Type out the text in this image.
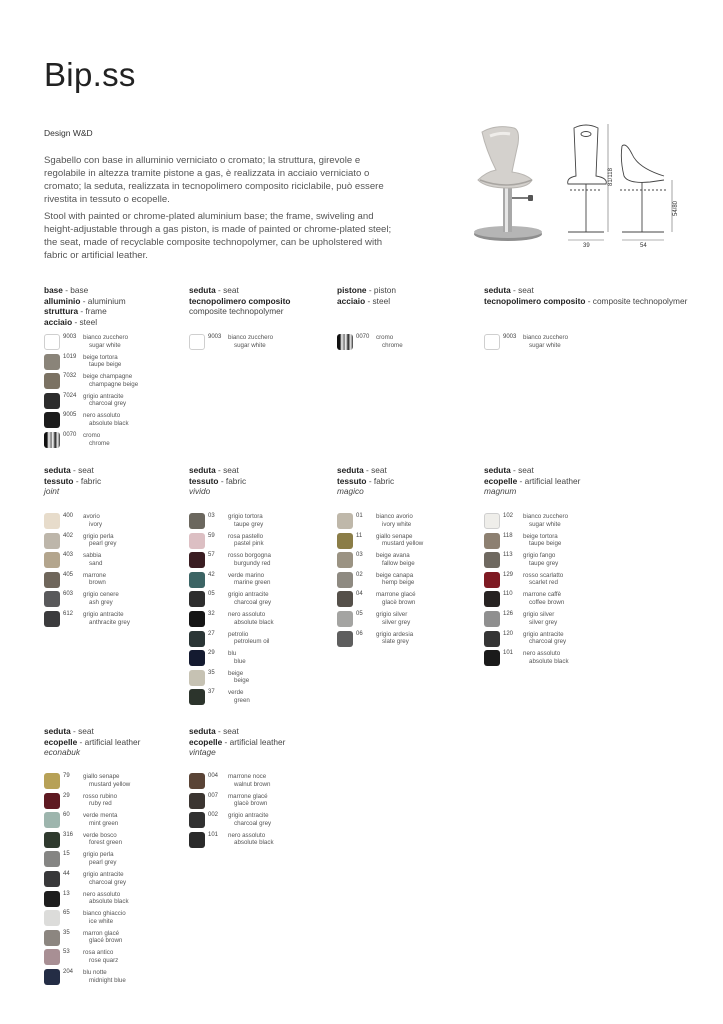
Bip.ss
Design W&D

Sgabello con base in alluminio verniciato o cromato; la struttura, girevole e regolabile in altezza tramite pistone a gas, è realizzata in acciaio verniciato o cromato; la seduta, realizzata in tecnopolimero composito riciclabile, può essere rivestita in tessuto o ecopelle.

Stool with painted or chrome-plated aluminium base; the frame, swiveling and height-adjustable through a gas piston, is made of painted or chrome-plated steel; the seat, made of recyclable composite technopolymer, can be upholstered with fabric or artificial leather.

81/118
54/80
39	54
base - base
alluminio - aluminium
struttura - frame
acciaio - steel
seduta - seat
tecnopolimero composito
composite technopolymer
pistone - piston
acciaio - steel
seduta - seat
tecnopolimero composito - composite technopolymer
seduta - seat
tessuto - fabric
joint
seduta - seat
tessuto - fabric
vivido
seduta - seat
tessuto - fabric
magico
seduta - seat
ecopelle - artificial leather
magnum
seduta - seat
ecopelle - artificial leather
econabuk
seduta - seat
ecopelle - artificial leather
vintage
9003 bianco zucchero
sugar white
1019 beige tortora
taupe beige
7032 beige champagne
champagne beige
7024 grigio antracite
charcoal grey
9005 nero assoluto
absolute black
0070 cromo
chrome
9003 bianco zucchero
sugar white
0070 cromo
chrome
9003 bianco zucchero
sugar white
400	avorio
ivory
402	grigio perla
pearl grey
403	sabbia
sand
405	marrone
brown
603	grigio cenere
ash grey
612	grigio antracite
anthracite grey
03	grigio tortora
taupe grey
59	rosa pastello
pastel pink
57	rosso borgogna
burgundy red
42	verde marino
marine green
05	grigio antracite
charcoal grey
32	nero assoluto
absolute black
27	petrolio
petroleum oil
29	blu
blue
35	beige
beige
37	verde
green
01	bianco avorio
ivory white
11	giallo senape
mustard yellow
03	beige avana
fallow beige
02	beige canapa
hemp beige
04	marrone glacé
glacè brown
05	grigio silver
silver grey
06	grigio ardesia
slate grey
102	bianco zucchero
sugar white
118	beige tortora
taupe beige
113	grigio fango
taupe grey
129	rosso scarlatto
scarlet red
110	marrone caffè
coffee brown
126	grigio silver
silver grey
120	grigio antracite
charcoal grey
101	nero assoluto
absolute black
79	giallo senape
mustard yellow
29	rosso rubino
ruby red
60	verde menta
mint green
316	verde bosco
forest green
15	grigio perla
pearl grey
44	grigio antracite
charcoal grey
13	nero assoluto
absolute black
65	bianco ghiaccio
ice white
35	marron glacé
glacé brown
53	rosa antico
rose quarz
204	blu notte
midnight blue
004	marrone noce
walnut brown
007	marrone glacé
glacè brown
002	grigio antracite
charcoal grey
101	nero assoluto
absolute black
